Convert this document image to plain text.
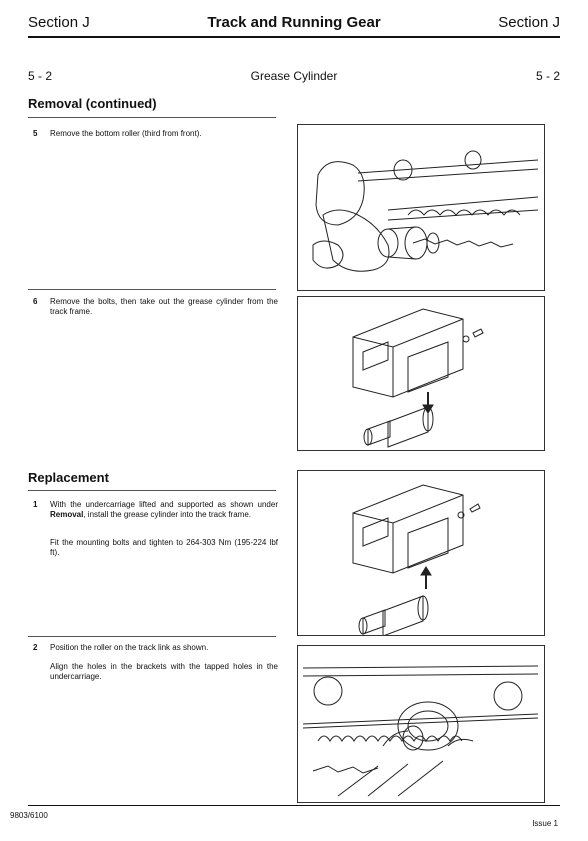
Section J	Track and Running Gear	Section J
5 - 2	Grease Cylinder	5 - 2
Removal (continued)
5 Remove the bottom roller (third from front).
6 Remove the bolts, then take out the grease cylinder from the track frame.
Replacement
1 With the undercarriage lifted and supported as shown under Removal, install the grease cylinder into the track frame.
Fit the mounting bolts and tighten to 264-303 Nm (195-224 lbf ft).
2 Position the roller on the track link as shown.
Align the holes in the brackets with the tapped holes in the undercarriage.
9803/6100
Issue 1
